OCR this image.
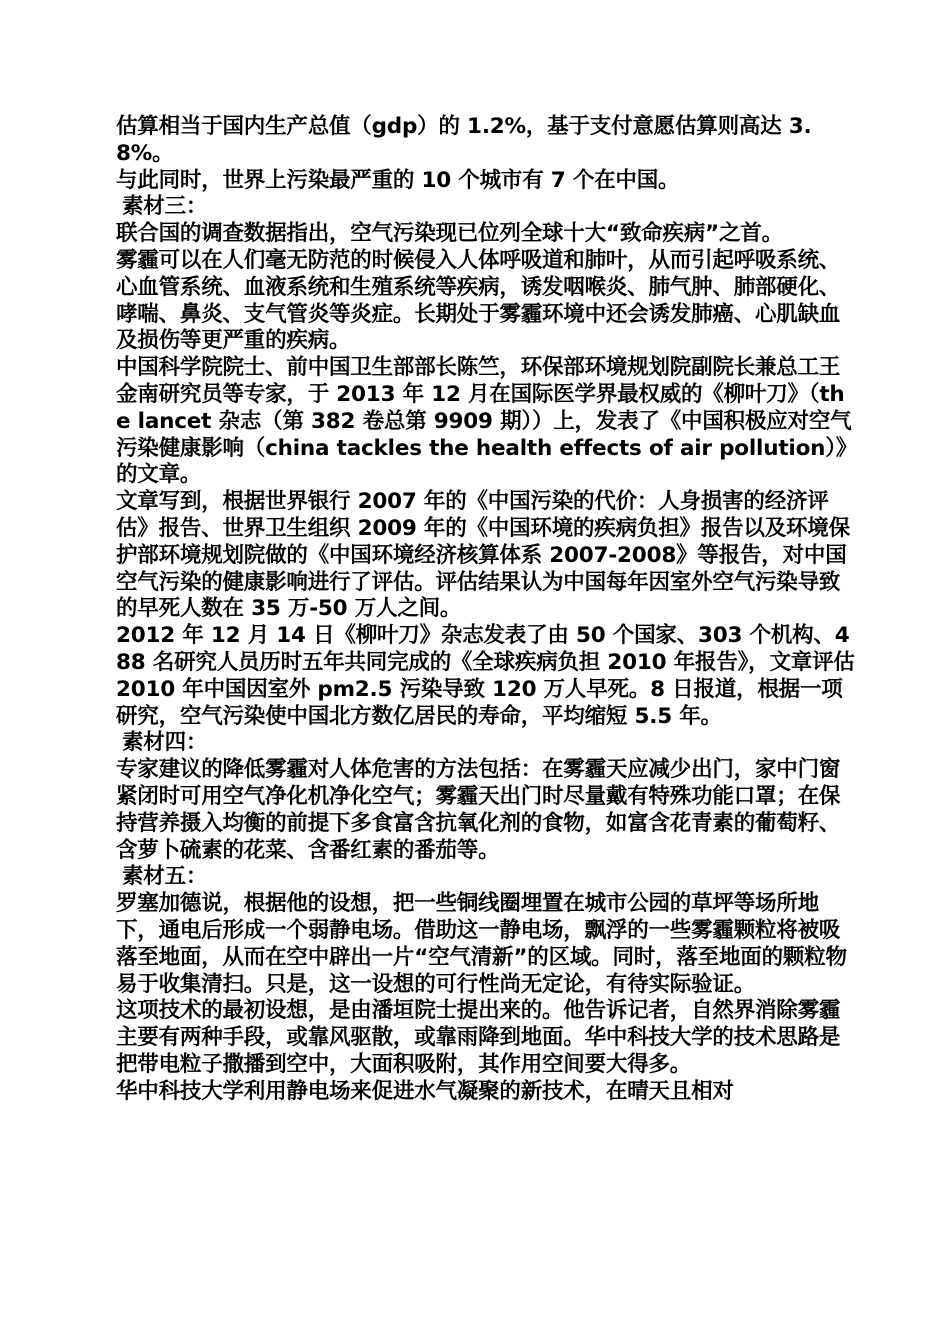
估算相当于国内生产总值（gdp）的 1.2%，基于支付意愿估算则高达 3.8%。

与此同时，世界上污染最严重的 10 个城市有 7 个在中国。

素材三：

联合国的调查数据指出，空气污染现已位列全球十大“致命疾病”之首。

雾霾可以在人们毫无防范的时候侵入人体呼吸道和肺叶，从而引起呼吸系统、心血管系统、血液系统和生殖系统等疾病，诱发咽喉炎、肺气肿、肺部硬化、哮喘、鼻炎、支气管炎等炎症。长期处于雾霾环境中还会诱发肺癌、心肌缺血及损伤等更严重的疾病。

中国科学院院士、前中国卫生部部长陈竺，环保部环境规划院副院长兼总工王金南研究员等专家，于 2013 年 12 月在国际医学界最权威的《柳叶刀》（the lancet 杂志（第 382 卷总第 9909 期））上，发表了《中国积极应对空气污染健康影响（china tackles the health effects of air pollution）》的文章。

文章写到，根据世界银行 2007 年的《中国污染的代价：人身损害的经济评估》报告、世界卫生组织 2009 年的《中国环境的疾病负担》报告以及环境保护部环境规划院做的《中国环境经济核算体系 2007-2008》等报告，对中国空气污染的健康影响进行了评估。评估结果认为中国每年因室外空气污染导致的早死人数在 35 万-50 万人之间。

2012 年 12 月 14 日《柳叶刀》杂志发表了由 50 个国家、303 个机构、488 名研究人员历时五年共同完成的《全球疾病负担 2010 年报告》，文章评估 2010 年中国因室外 pm2.5 污染导致 120 万人早死。8 日报道，根据一项研究，空气污染使中国北方数亿居民的寿命，平均缩短 5.5 年。

素材四：

专家建议的降低雾霾对人体危害的方法包括：在雾霾天应减少出门，家中门窗紧闭时可用空气净化机净化空气；雾霾天出门时尽量戴有特殊功能口罩；在保持营养摄入均衡的前提下多食富含抗氧化剂的食物，如富含花青素的葡萄籽、含萝卜硫素的花菜、含番红素的番茄等。

素材五：

罗塞加德说，根据他的设想，把一些铜线圈埋置在城市公园的草坪等场所地下，通电后形成一个弱静电场。借助这一静电场，飘浮的一些雾霾颗粒将被吸落至地面，从而在空中辟出一片“空气清新”的区域。同时，落至地面的颗粒物易于收集清扫。只是，这一设想的可行性尚无定论，有待实际验证。

这项技术的最初设想，是由潘垣院士提出来的。他告诉记者，自然界消除雾霾主要有两种手段，或靠风驱散，或靠雨降到地面。华中科技大学的技术思路是把带电粒子撒播到空中，大面积吸附，其作用空间要大得多。

华中科技大学利用静电场来促进水气凝聚的新技术，在晴天且相对
